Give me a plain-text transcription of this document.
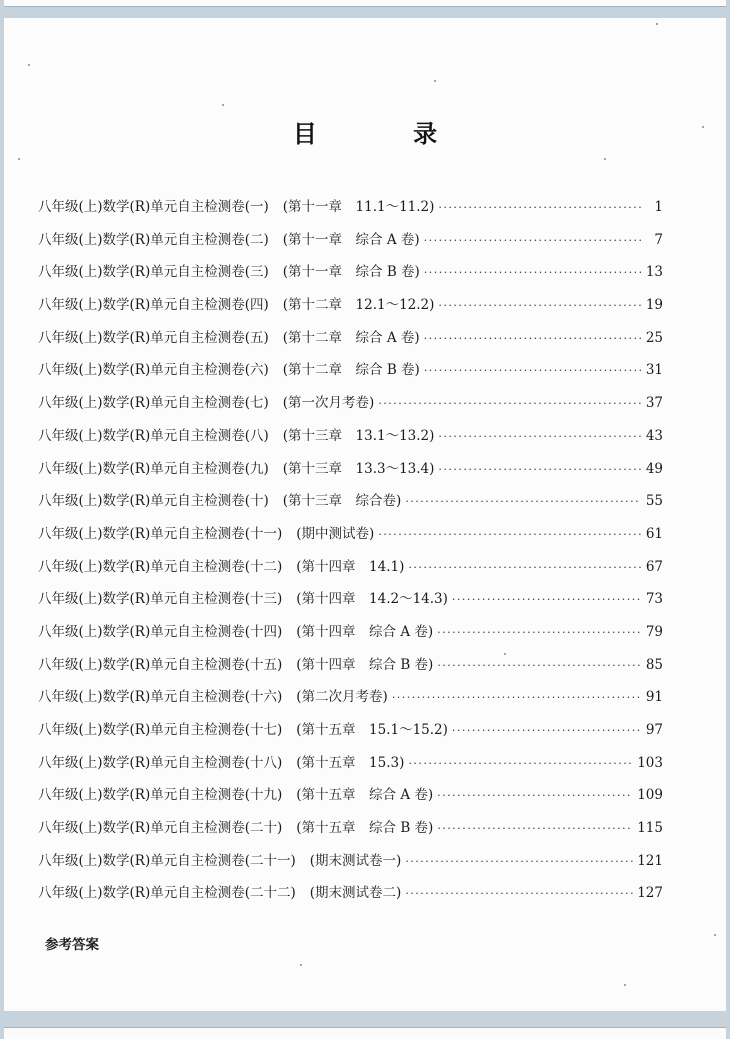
目 录
八年级(上)数学(R)单元自主检测卷(一) (第十一章　11.1～11.2) ·····	1
八年级(上)数学(R)单元自主检测卷(二) (第十一章　综合 A 卷) ·····	7
八年级(上)数学(R)单元自主检测卷(三) (第十一章　综合 B 卷) ·····	13
八年级(上)数学(R)单元自主检测卷(四) (第十二章　12.1～12.2) ·····	19
八年级(上)数学(R)单元自主检测卷(五) (第十二章　综合 A 卷) ·····	25
八年级(上)数学(R)单元自主检测卷(六) (第十二章　综合 B 卷) ·····	31
八年级(上)数学(R)单元自主检测卷(七) (第一次月考卷) ·····	37
八年级(上)数学(R)单元自主检测卷(八) (第十三章　13.1～13.2) ·····	43
八年级(上)数学(R)单元自主检测卷(九) (第十三章　13.3～13.4) ·····	49
八年级(上)数学(R)单元自主检测卷(十) (第十三章　综合卷) ·····	55
八年级(上)数学(R)单元自主检测卷(十一) (期中测试卷) ·····	61
八年级(上)数学(R)单元自主检测卷(十二) (第十四章　14.1) ·····	67
八年级(上)数学(R)单元自主检测卷(十三) (第十四章　14.2～14.3) ·····	73
八年级(上)数学(R)单元自主检测卷(十四) (第十四章　综合 A 卷) ·····	79
八年级(上)数学(R)单元自主检测卷(十五) (第十四章　综合 B 卷) ·····	85
八年级(上)数学(R)单元自主检测卷(十六) (第二次月考卷) ·····	91
八年级(上)数学(R)单元自主检测卷(十七) (第十五章　15.1～15.2) ·····	97
八年级(上)数学(R)单元自主检测卷(十八) (第十五章　15.3) ·····	103
八年级(上)数学(R)单元自主检测卷(十九) (第十五章　综合 A 卷) ·····	109
八年级(上)数学(R)单元自主检测卷(二十) (第十五章　综合 B 卷) ·····	115
八年级(上)数学(R)单元自主检测卷(二十一) (期末测试卷一) ·····	121
八年级(上)数学(R)单元自主检测卷(二十二) (期末测试卷二) ·····	127
参考答案
